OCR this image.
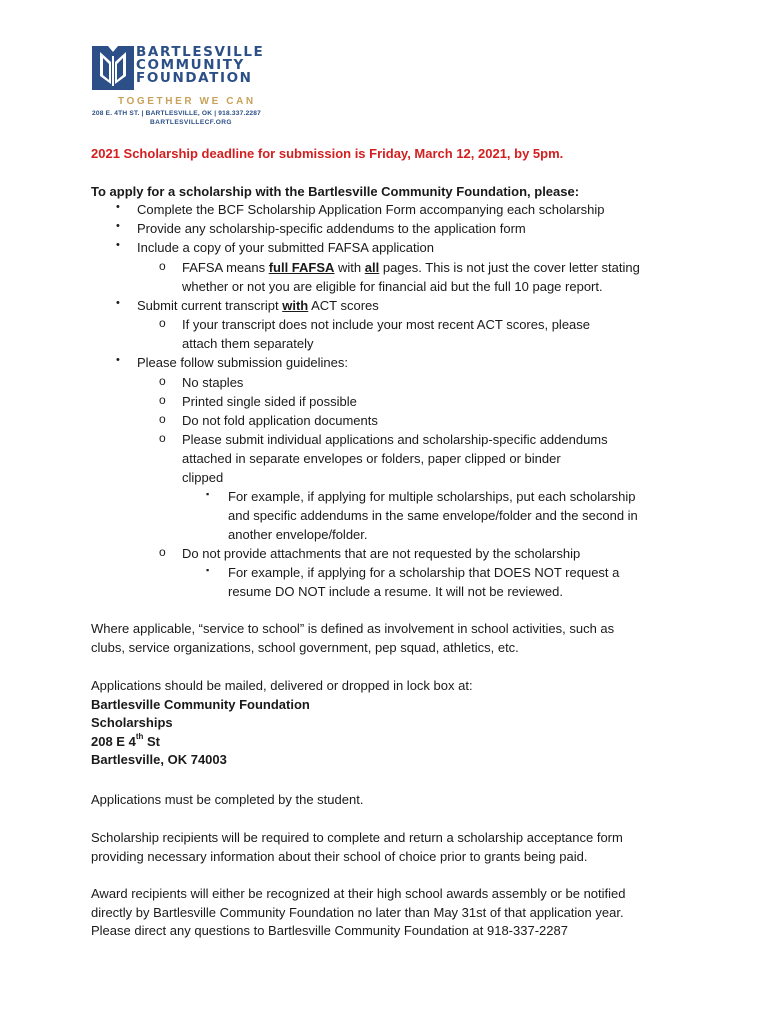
BARTLESVILLE
COMMUNITY
FOUNDATION
TOGETHER WE CAN
208 E. 4TH ST. | BARTLESVILLE, OK | 918.337.2287
BARTLESVILLECF.ORG
2021 Scholarship deadline for submission is Friday, March 12, 2021, by 5pm.
To apply for a scholarship with the Bartlesville Community Foundation, please:
• Complete the BCF Scholarship Application Form accompanying each scholarship
• Provide any scholarship-specific addendums to the application form
• Include a copy of your submitted FAFSA application
o FAFSA means full FAFSA with all pages. This is not just the cover letter stating
whether or not you are eligible for financial aid but the full 10 page report.
• Submit current transcript with ACT scores
o If your transcript does not include your most recent ACT scores, please
attach them separately
• Please follow submission guidelines:
o No staples
o Printed single sided if possible
o Do not fold application documents
o Please submit individual applications and scholarship-specific addendums
attached in separate envelopes or folders, paper clipped or binder
clipped
▪ For example, if applying for multiple scholarships, put each scholarship
and specific addendums in the same envelope/folder and the second in
another envelope/folder.
o Do not provide attachments that are not requested by the scholarship
▪ For example, if applying for a scholarship that DOES NOT request a
resume DO NOT include a resume. It will not be reviewed.
Where applicable, “service to school” is defined as involvement in school activities, such as
clubs, service organizations, school government, pep squad, athletics, etc.
Applications should be mailed, delivered or dropped in lock box at:
Bartlesville Community Foundation
Scholarships
208 E 4th St
Bartlesville, OK 74003
Applications must be completed by the student.
Scholarship recipients will be required to complete and return a scholarship acceptance form
providing necessary information about their school of choice prior to grants being paid.
Award recipients will either be recognized at their high school awards assembly or be notified
directly by Bartlesville Community Foundation no later than May 31st of that application year.
Please direct any questions to Bartlesville Community Foundation at 918-337-2287
